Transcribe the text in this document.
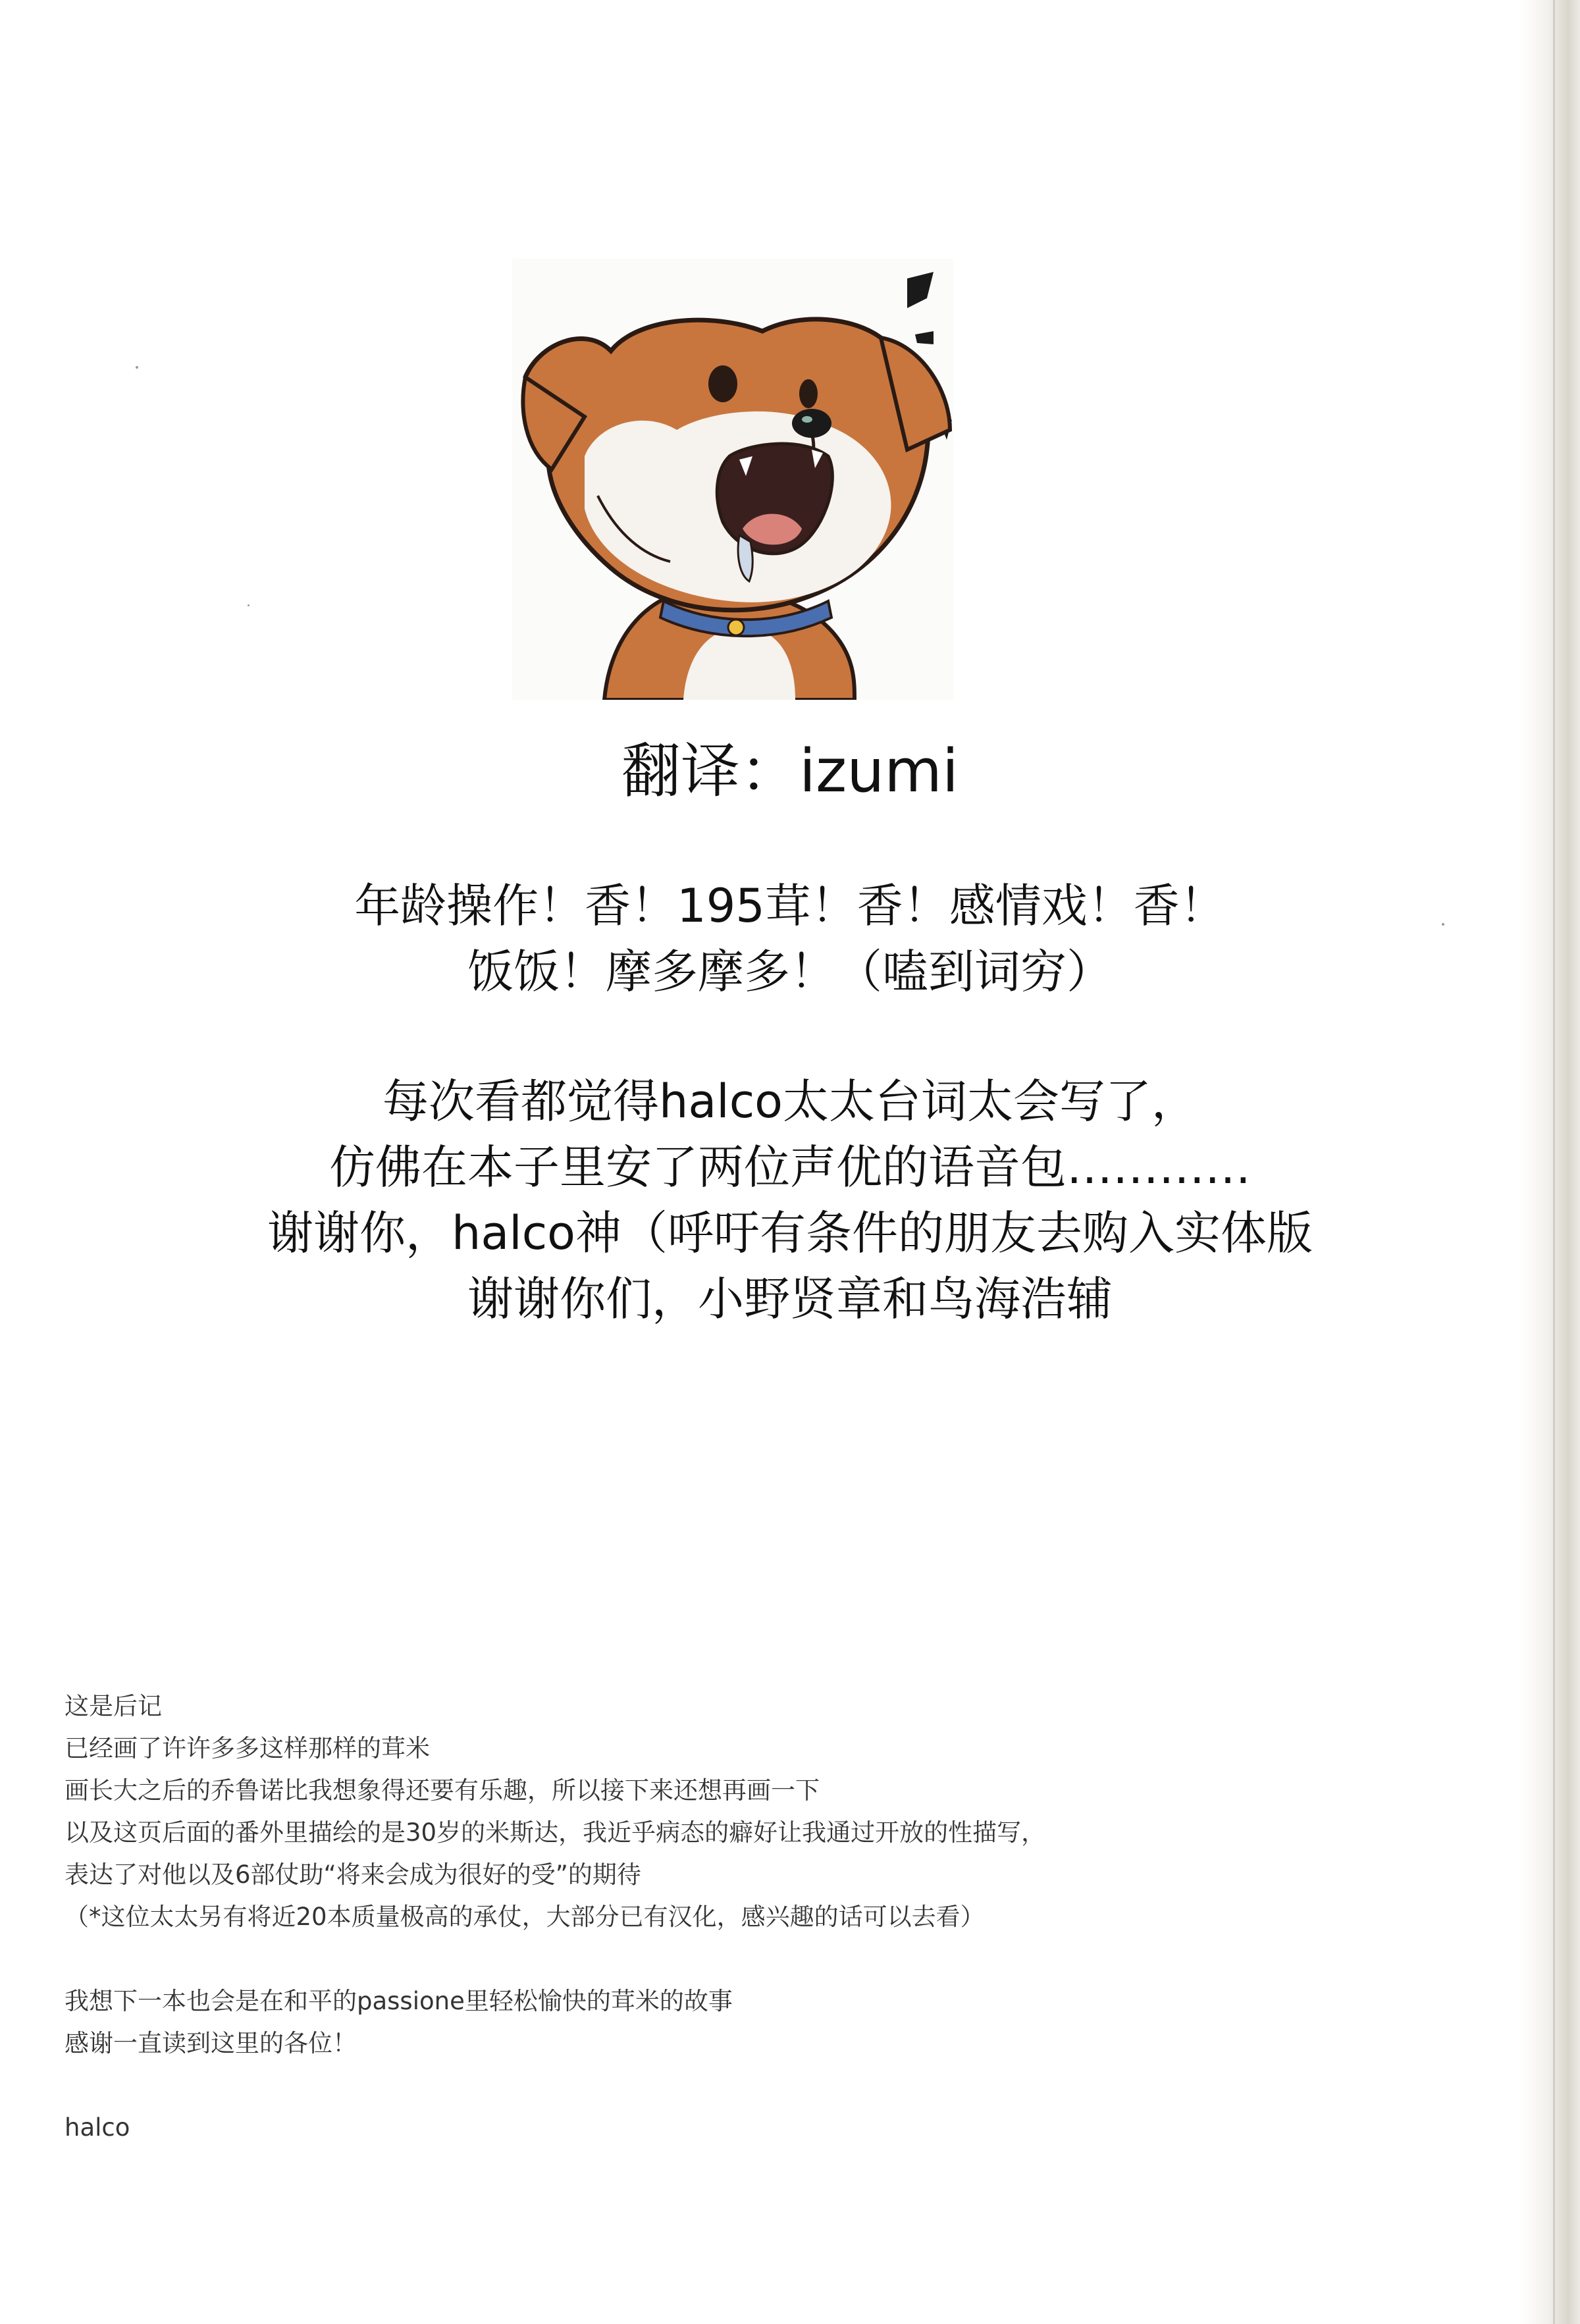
翻译：izumi
年龄操作！香！195茸！香！感情戏！香！
饭饭！摩多摩多！（嗑到词穷）
每次看都觉得halco太太台词太会写了，
仿佛在本子里安了两位声优的语音包…………
谢谢你，halco神（呼吁有条件的朋友去购入实体版
谢谢你们，小野贤章和鸟海浩辅
这是后记
已经画了许许多多这样那样的茸米
画长大之后的乔鲁诺比我想象得还要有乐趣，所以接下来还想再画一下
以及这页后面的番外里描绘的是30岁的米斯达，我近乎病态的癖好让我通过开放的性描写，
表达了对他以及6部仗助“将来会成为很好的受”的期待
（*这位太太另有将近20本质量极高的承仗，大部分已有汉化，感兴趣的话可以去看）
我想下一本也会是在和平的passione里轻松愉快的茸米的故事
感谢一直读到这里的各位！
halco
